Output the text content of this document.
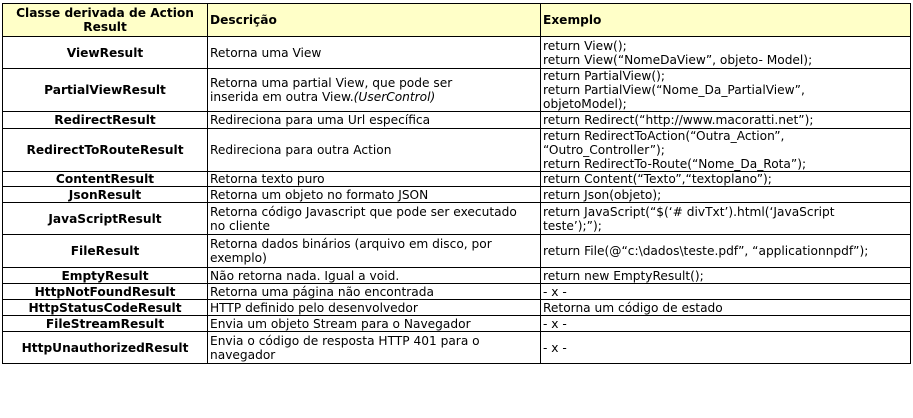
Classe derivada de Action Result	Descrição	Exemplo
ViewResult	Retorna uma View	return View();
return View(“NomeDaView”, objeto- Model);

PartialViewResult	Retorna uma partial View, que pode ser
inserida em outra View.(UserControl)	return PartialView();
return PartialView(“Nome_Da_PartialView”,
objetoModel);

RedirectResult	Redireciona para uma Url específica	return Redirect(“http://www.macoratti.net”);

RedirectToRouteResult	Redireciona para outra Action	return RedirectToAction(“Outra_Action”,
“Outro_Controller”);
return RedirectTo-Route(“Nome_Da_Rota”);

ContentResult	Retorna texto puro	return Content(“Texto”,“textoplano”);

JsonResult	Retorna um objeto no formato JSON	return Json(objeto);

JavaScriptResult	Retorna código Javascript que pode ser executado
no cliente	return JavaScript(“$(‘# divTxt’).html(‘JavaScript
teste’);”);

FileResult	Retorna dados binários (arquivo em disco, por
exemplo)	return File(@“c:\dados\teste.pdf”, “applicationnpdf”);

EmptyResult	Não retorna nada. Igual a void.	return new EmptyResult();

HttpNotFoundResult	Retorna uma página não encontrada	- x -

HttpStatusCodeResult	HTTP definido pelo desenvolvedor	Retorna um código de estado

FileStreamResult	Envia um objeto Stream para o Navegador	- x -

HttpUnauthorizedResult	Envia o código de resposta HTTP 401 para o
navegador	- x -
